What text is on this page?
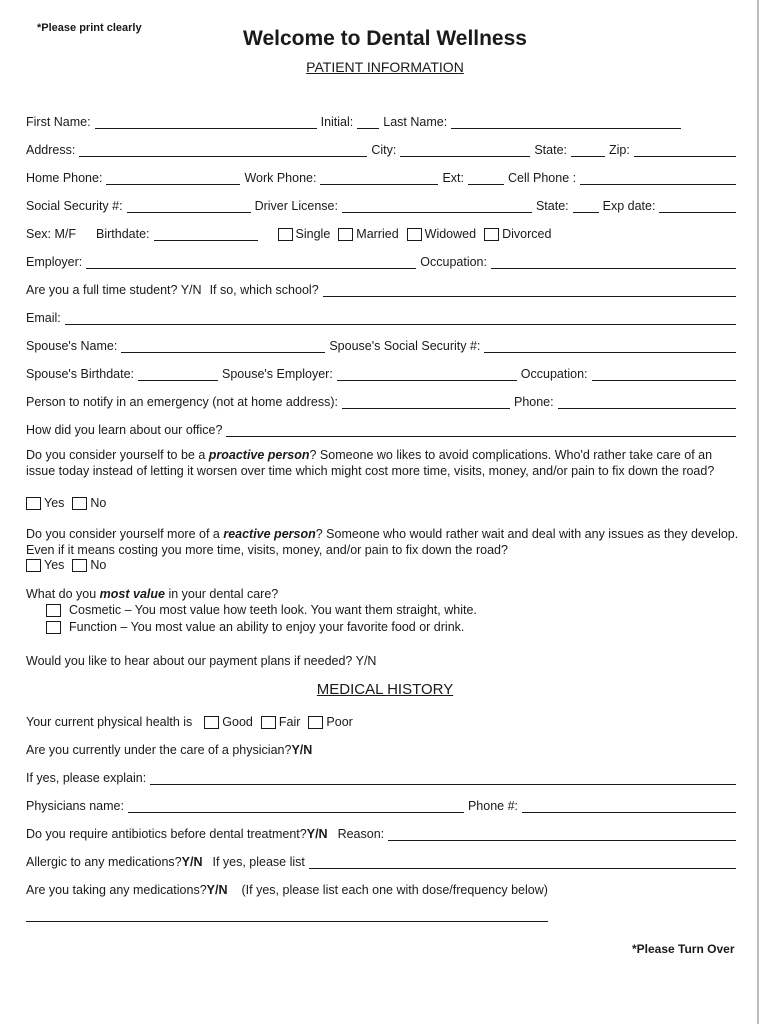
*Please print clearly	Welcome to Dental Wellness
PATIENT INFORMATION
First Name:	Initial: Last Name:
Address:	City:	State:	Zip:
Home Phone:	Work Phone:	Ext:	Cell Phone :
Social Security #:	Driver License:	State:	Exp date:
Sex: M/F Birthdate:	Single Married Widowed Divorced
Employer:	Occupation:
Are you a full time student? Y/N If so, which school?
Email:
Spouse's Name:	Spouse's Social Security #:
Spouse's Birthdate:	Spouse's Employer:	Occupation:
Person to notify in an emergency (not at home address):	Phone:
How did you learn about our office?
Do you consider yourself to be a proactive person? Someone wo likes to avoid complications. Who'd rather take care of an issue today instead of letting it worsen over time which might cost more time, visits, money, and/or pain to fix down the road?
Yes No
Do you consider yourself more of a reactive person? Someone who would rather wait and deal with any issues as they develop. Even if it means costing you more time, visits, money, and/or pain to fix down the road?
Yes No
What do you most value in your dental care?
Cosmetic – You most value how teeth look. You want them straight, white.
Function – You most value an ability to enjoy your favorite food or drink.
Would you like to hear about our payment plans if needed? Y/N
MEDICAL HISTORY
Your current physical health is Good Fair Poor
Are you currently under the care of a physician? Y/N
If yes, please explain:
Physicians name:	Phone #:
Do you require antibiotics before dental treatment? Y/N Reason:
Allergic to any medications? Y/N If yes, please list
Are you taking any medications? Y/N (If yes, please list each one with dose/frequency below)
*Please Turn Over
